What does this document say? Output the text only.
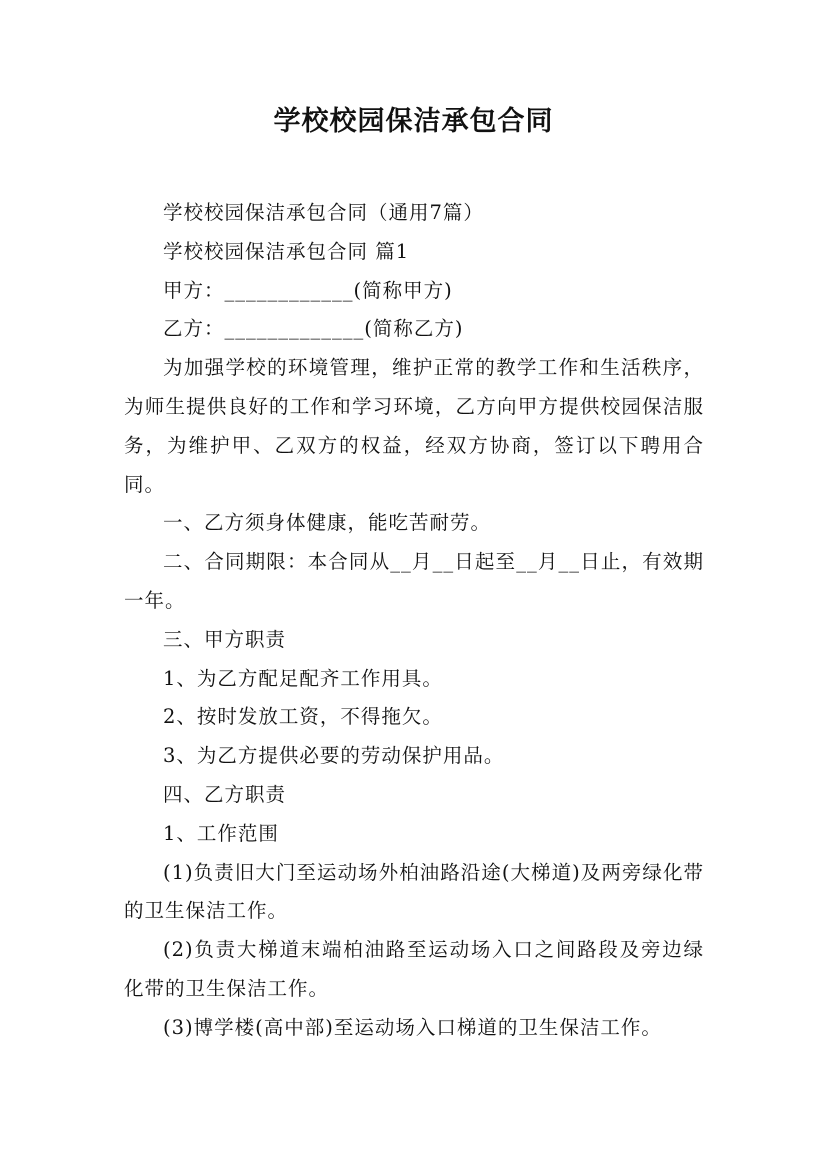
学校校园保洁承包合同

学校校园保洁承包合同（通用7篇）

学校校园保洁承包合同 篇1

甲方：____________(简称甲方)

乙方：_____________(简称乙方)

为加强学校的环境管理，维护正常的教学工作和生活秩序，为师生提供良好的工作和学习环境，乙方向甲方提供校园保洁服务，为维护甲、乙双方的权益，经双方协商，签订以下聘用合同。

一、乙方须身体健康，能吃苦耐劳。

二、合同期限：本合同从__月__日起至__月__日止，有效期一年。

三、甲方职责

1、为乙方配足配齐工作用具。

2、按时发放工资，不得拖欠。

3、为乙方提供必要的劳动保护用品。

四、乙方职责

1、工作范围

(1)负责旧大门至运动场外柏油路沿途(大梯道)及两旁绿化带的卫生保洁工作。

(2)负责大梯道末端柏油路至运动场入口之间路段及旁边绿化带的卫生保洁工作。

(3)博学楼(高中部)至运动场入口梯道的卫生保洁工作。
